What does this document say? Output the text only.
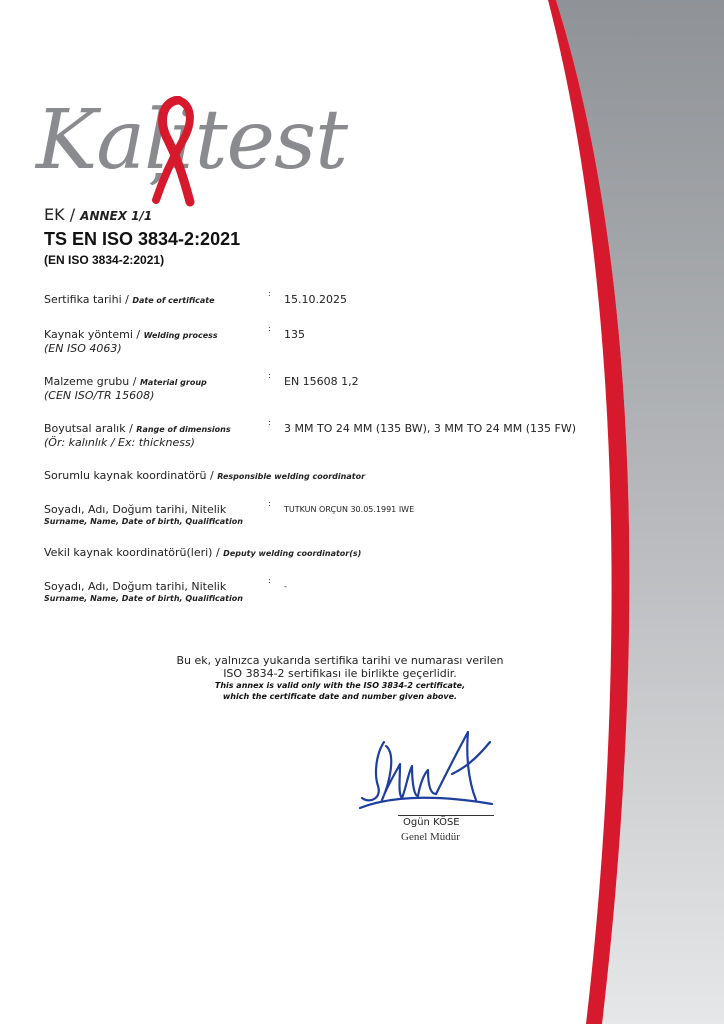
Kaļitest
EK / ANNEX 1/1
TS EN ISO 3834-2:2021
(EN ISO 3834-2:2021)
Sertifika tarihi / Date of certificate
: 15.10.2025
Kaynak yöntemi / Welding process
(EN ISO 4063)
: 135
Malzeme grubu / Material group
(CEN ISO/TR 15608)
: EN 15608 1,2
Boyutsal aralık / Range of dimensions
(Ör: kalınlık / Ex: thickness)
: 3 MM TO 24 MM (135 BW), 3 MM TO 24 MM (135 FW)
Sorumlu kaynak koordinatörü / Responsible welding coordinator
Soyadı, Adı, Doğum tarihi, Nitelik
Surname, Name, Date of birth, Qualification
:
TUTKUN ORÇUN 30.05.1991 IWE
Vekil kaynak koordinatörü(leri) / Deputy welding coordinator(s)
Soyadı, Adı, Doğum tarihi, Nitelik
Surname, Name, Date of birth, Qualification
:
-
Bu ek, yalnızca yukarıda sertifika tarihi ve numarası verilen
ISO 3834-2 sertifikası ile birlikte geçerlidir.
This annex is valid only with the ISO 3834-2 certificate,
which the certificate date and number given above.
Ogün KÖSE
Genel Müdür
